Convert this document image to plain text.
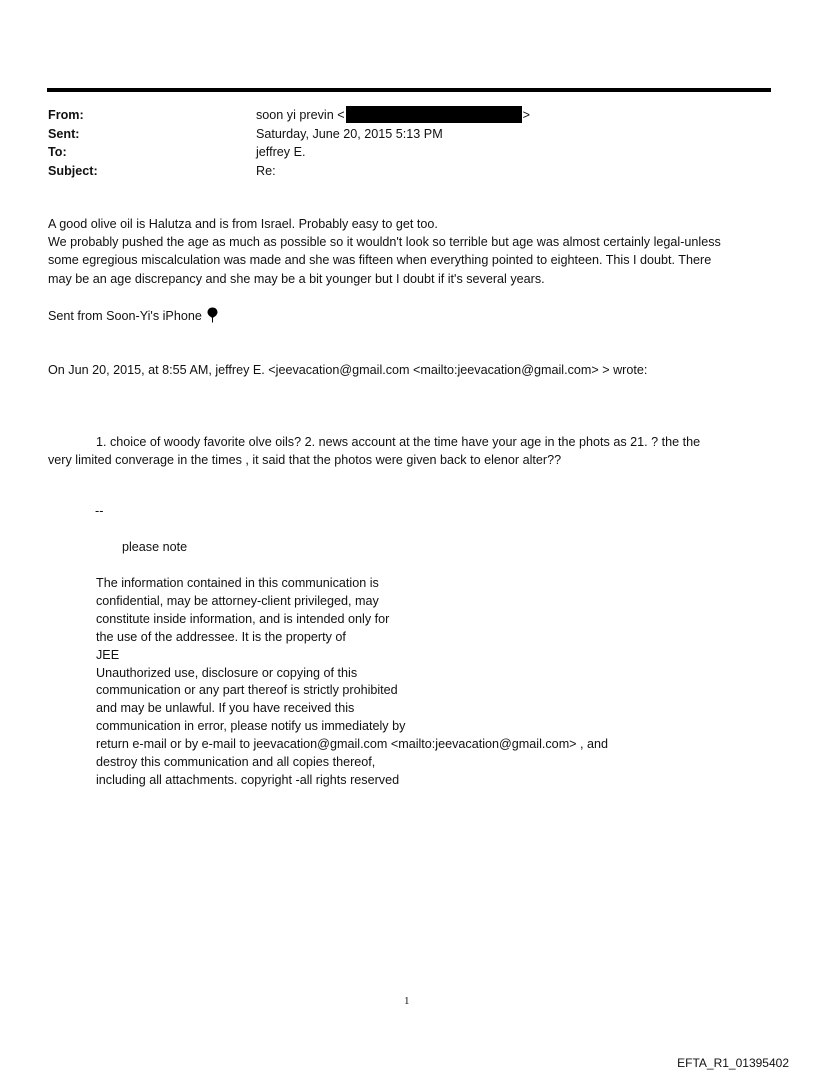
From:	soon yi previn <	>
Sent:	Saturday, June 20, 2015 5:13 PM
To:	jeffrey E.
Subject:	Re:

A good olive oil is Halutza and is from Israel. Probably easy to get too.

We probably pushed the age as much as possible so it wouldn't look so terrible but age was almost certainly legal-unless

some egregious miscalculation was made and she was fifteen when everything pointed to eighteen. This I doubt. There

may be an age discrepancy and she may be a bit younger but I doubt if it's several years.

Sent from Soon-Yi's iPhone
On Jun 20, 2015, at 8:55 AM, jeffrey E. <jeevacation@gmail.com <mailto:jeevacation@gmail.com> > wrote:

1. choice of woody favorite olve oils? 2. news account at the time have your age in the phots as 21. ? the the

very limited converage in the times , it said that the photos were given back to elenor alter??

--
please note
The information contained in this communication is
confidential, may be attorney-client privileged, may
constitute inside information, and is intended only for
the use of the addressee. It is the property of
JEE
Unauthorized use, disclosure or copying of this
communication or any part thereof is strictly prohibited
and may be unlawful. If you have received this
communication in error, please notify us immediately by
return e-mail or by e-mail to jeevacation@gmail.com <mailto:jeevacation@gmail.com> , and
destroy this communication and all copies thereof,
including all attachments. copyright -all rights reserved
1
EFTA_R1_01395402
